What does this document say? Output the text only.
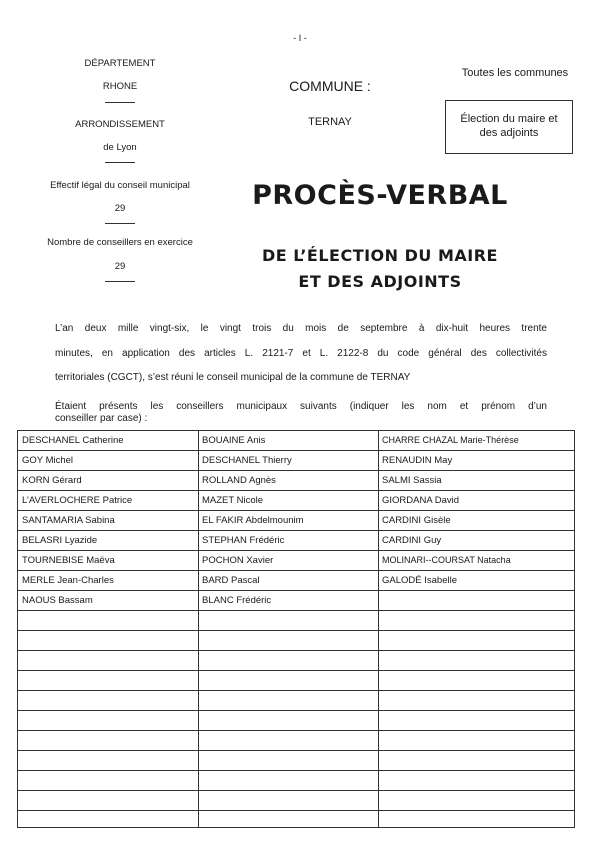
- I -
DÉPARTEMENT
RHONE
ARRONDISSEMENT
de Lyon
Effectif légal du conseil municipal
29
Nombre de conseillers en exercice
29
COMMUNE :
TERNAY
Toutes les communes
Élection du maire et
des adjoints
PROCÈS-VERBAL
DE L’ÉLECTION DU MAIRE
ET DES ADJOINTS
L’an deux mille vingt-six, le vingt trois du mois de septembre à dix-huit heures trente
minutes, en application des articles L. 2121-7 et L. 2122-8 du code général des collectivités
territoriales (CGCT), s’est réuni le conseil municipal de la commune de TERNAY
Étaient présents les conseillers municipaux suivants (indiquer les nom et prénom d’un
conseiller par case) :
DESCHANEL Catherine
GOY Michel
KORN Gérard
L’AVERLOCHERE Patrice
SANTAMARIA Sabina
BELASRI Lyazide
TOURNEBISE Maëva
MERLE Jean-Charles
NAOUS Bassam
BOUAINE Anis
DESCHANEL Thierry
ROLLAND Agnès
MAZET Nicole
EL FAKIR Abdelmounim
STEPHAN Frédéric
POCHON Xavier
BARD Pascal
BLANC Frédéric
CHARRE CHAZAL Marie-Thérèse
RENAUDIN May
SALMI Sassia
GIORDANA David
CARDINI Gisèle
CARDINI Guy
MOLINARI--COURSAT Natacha
GALODÉ Isabelle
